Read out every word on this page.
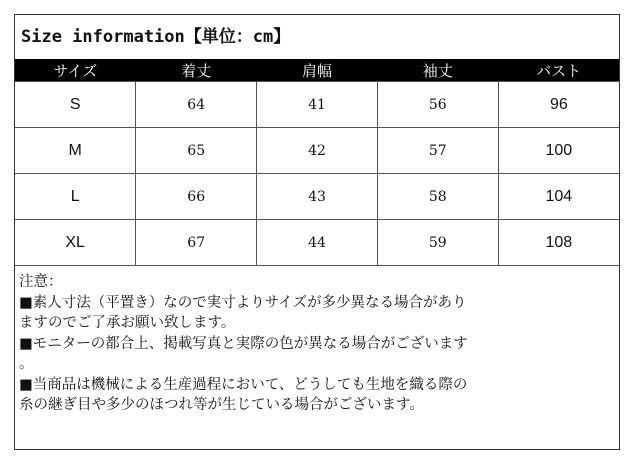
Size information【単位：cm】
サイズ	着丈	肩幅	袖丈	バスト
S	64	41	56	96
M	65	42	57	100
L	66	43	58	104
XL	67	44	59	108
注意：
■素人寸法（平置き）なので実寸よりサイズが多少異なる場合があり
ますのでご了承お願い致します。
■モニターの都合上、掲載写真と実際の色が異なる場合がございます
。
■当商品は機械による生産過程において、どうしても生地を織る際の
糸の継ぎ目や多少のほつれ等が生じている場合がございます。
